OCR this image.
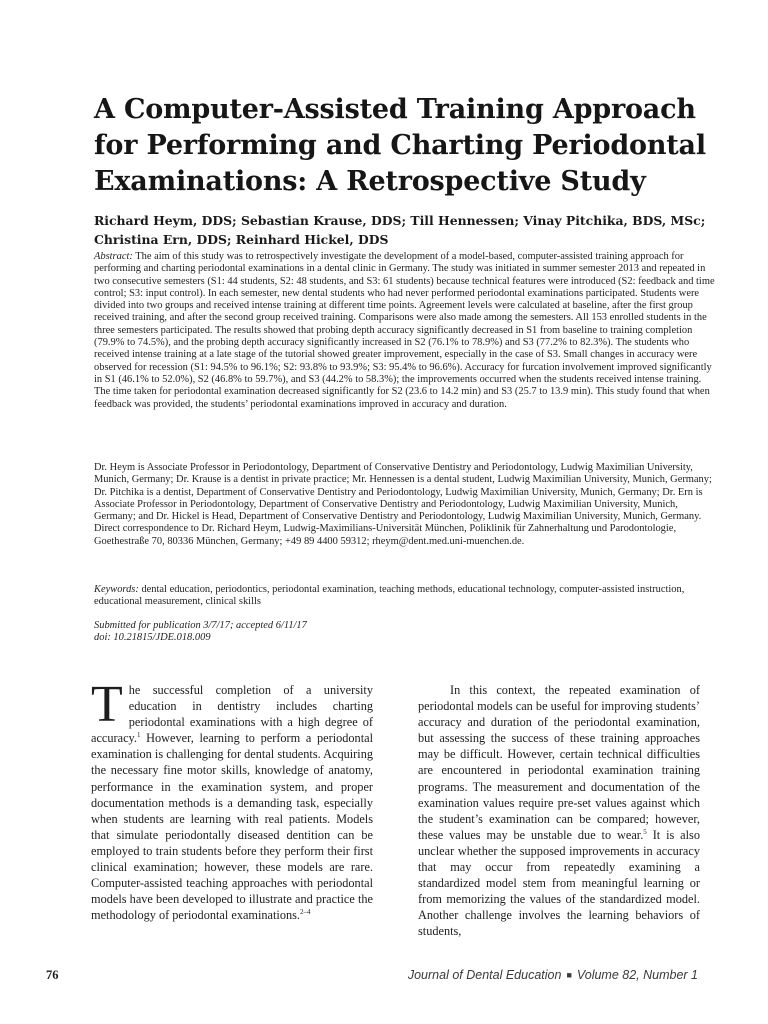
A Computer-Assisted Training Approach
for Performing and Charting Periodontal
Examinations: A Retrospective Study
Richard Heym, DDS; Sebastian Krause, DDS; Till Hennessen; Vinay Pitchika, BDS, MSc;
Christina Ern, DDS; Reinhard Hickel, DDS

Abstract: The aim of this study was to retrospectively investigate the development of a model-based, computer-assisted training approach for performing and charting periodontal examinations in a dental clinic in Germany. The study was initiated in summer semester 2013 and repeated in two consecutive semesters (S1: 44 students, S2: 48 students, and S3: 61 students) because technical features were introduced (S2: feedback and time control; S3: input control). In each semester, new dental students who had never performed periodontal examinations participated. Students were divided into two groups and received intense training at different time points. Agreement levels were calculated at baseline, after the first group received training, and after the second group received training. Comparisons were also made among the semesters. All 153 enrolled students in the three semesters participated. The results showed that probing depth accuracy significantly decreased in S1 from baseline to training completion (79.9% to 74.5%), and the probing depth accuracy significantly increased in S2 (76.1% to 78.9%) and S3 (77.2% to 82.3%). The students who received intense training at a late stage of the tutorial showed greater improvement, especially in the case of S3. Small changes in accuracy were observed for recession (S1: 94.5% to 96.1%; S2: 93.8% to 93.9%; S3: 95.4% to 96.6%). Accuracy for furcation involvement improved significantly in S1 (46.1% to 52.0%), S2 (46.8% to 59.7%), and S3 (44.2% to 58.3%); the improvements occurred when the students received intense training. The time taken for periodontal examination decreased significantly for S2 (23.6 to 14.2 min) and S3 (25.7 to 13.9 min). This study found that when feedback was provided, the students’ periodontal examinations improved in accuracy and duration.

Dr. Heym is Associate Professor in Periodontology, Department of Conservative Dentistry and Periodontology, Ludwig Maximilian University, Munich, Germany; Dr. Krause is a dentist in private practice; Mr. Hennessen is a dental student, Ludwig Maximilian University, Munich, Germany; Dr. Pitchika is a dentist, Department of Conservative Dentistry and Periodontology, Ludwig Maximilian University, Munich, Germany; Dr. Ern is Associate Professor in Periodontology, Department of Conservative Dentistry and Periodontology, Ludwig Maximilian University, Munich, Germany; and Dr. Hickel is Head, Department of Conservative Dentistry and Periodontology, Ludwig Maximilian University, Munich, Germany. Direct correspondence to Dr. Richard Heym, Ludwig-Maximilians-Universität München, Poliklinik für Zahnerhaltung und Parodontologie, Goethestraße 70, 80336 München, Germany; +49 89 4400 59312; rheym@dent.med.uni-muenchen.de.

Keywords: dental education, periodontics, periodontal examination, teaching methods, educational technology, computer-assisted instruction, educational measurement, clinical skills

Submitted for publication 3/7/17; accepted 6/11/17
doi: 10.21815/JDE.018.009

The successful completion of a university education in dentistry includes charting periodontal examinations with a high degree of accuracy.$^1$ However, learning to perform a periodontal examination is challenging for dental students. Acquiring the necessary fine motor skills, knowledge of anatomy, performance in the examination system, and proper documentation methods is a demanding task, especially when students are learning with real patients. Models that simulate periodontally diseased dentition can be employed to train students before they perform their first clinical examination; however, these models are rare. Computer-assisted teaching approaches with periodontal models have been developed to illustrate and practice the methodology of periodontal examinations.$^{2-4}$

In this context, the repeated examination of periodontal models can be useful for improving students’ accuracy and duration of the periodontal examination, but assessing the success of these training approaches may be difficult. However, certain technical difficulties are encountered in periodontal examination training programs. The measurement and documentation of the examination values require pre-set values against which the student’s examination can be compared; however, these values may be unstable due to wear.$^5$ It is also unclear whether the supposed improvements in accuracy that may occur from repeatedly examining a standardized model stem from meaningful learning or from memorizing the values of the standardized model. Another challenge involves the learning behaviors of students,

76	Journal of Dental Education ■ Volume 82, Number 1
